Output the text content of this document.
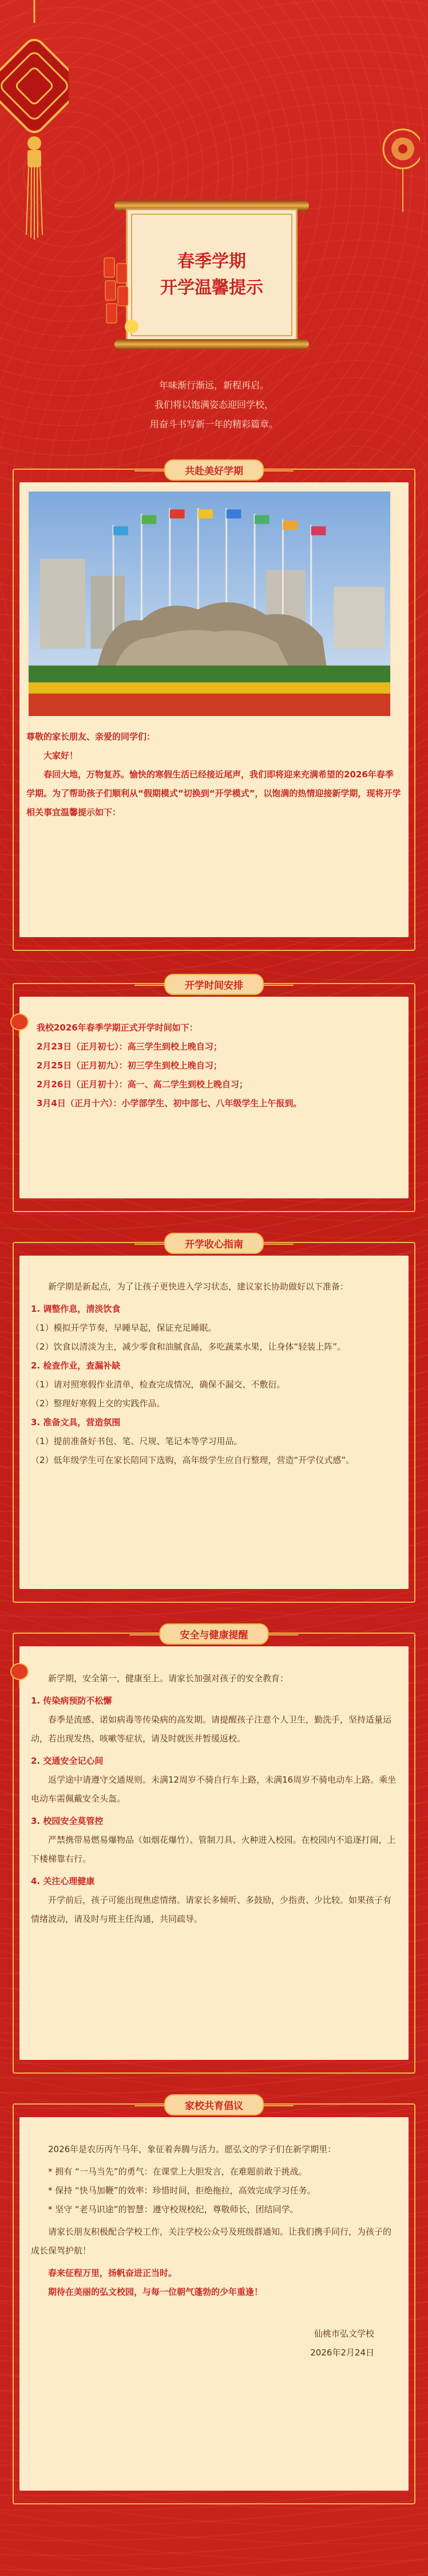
春季学期
开学温馨提示
年味渐行渐远，新程再启。
我们将以饱满姿态迎回学校，
用奋斗书写新一年的精彩篇章。
共赴美好学期
尊敬的家长朋友、亲爱的同学们：
大家好！
春回大地，万物复苏。愉快的寒假生活已经接近尾声，我们即将迎来充满希望的2026年春季学期。为了帮助孩子们顺利从“假期模式”切换到“开学模式”，以饱满的热情迎接新学期，现将开学相关事宜温馨提示如下：
开学时间安排
我校2026年春季学期正式开学时间如下：
2月23日（正月初七）：高三学生到校上晚自习；
2月25日（正月初九）：初三学生到校上晚自习；
2月26日（正月初十）：高一、高二学生到校上晚自习；
3月4日（正月十六）：小学部学生、初中部七、八年级学生上午报到。
开学收心指南
新学期是新起点，为了让孩子更快进入学习状态，建议家长协助做好以下准备：
1. 调整作息，清淡饮食
（1）模拟开学节奏，早睡早起，保证充足睡眠。
（2）饮食以清淡为主，减少零食和油腻食品，多吃蔬菜水果，让身体“轻装上阵”。
2. 检查作业，查漏补缺
（1）请对照寒假作业清单，检查完成情况，确保不漏交、不敷衍。
（2）整理好寒假上交的实践作品。
3. 准备文具，营造氛围
（1）提前准备好书包、笔、尺规、笔记本等学习用品。
（2）低年级学生可在家长陪同下选购，高年级学生应自行整理，营造“开学仪式感”。
安全与健康提醒
新学期，安全第一，健康至上。请家长加强对孩子的安全教育：
1. 传染病预防不松懈
春季是流感、诺如病毒等传染病的高发期。请提醒孩子注意个人卫生，勤洗手，坚持适量运动，若出现发热、咳嗽等症状，请及时就医并暂缓返校。
2. 交通安全记心间
返学途中请遵守交通规则。未满12周岁不骑自行车上路，未满16周岁不骑电动车上路。乘坐电动车需佩戴安全头盔。
3. 校园安全莫管控
严禁携带易燃易爆物品（如烟花爆竹）、管制刀具、火种进入校园。在校园内不追逐打闹，上下楼梯靠右行。
4. 关注心理健康
开学前后，孩子可能出现焦虑情绪。请家长多倾听、多鼓励，少指责、少比较。如果孩子有情绪波动，请及时与班主任沟通，共同疏导。
家校共育倡议
2026年是农历丙午马年，象征着奔腾与活力。愿弘文的学子们在新学期里：
* 拥有 “一马当先”的勇气：在课堂上大胆发言，在难题前敢于挑战。
* 保持 “快马加鞭”的效率：珍惜时间，拒绝拖拉，高效完成学习任务。
* 坚守 “老马识途”的智慧：遵守校规校纪，尊敬师长，团结同学。
请家长朋友积极配合学校工作，关注学校公众号及班级群通知。让我们携手同行，为孩子的成长保驾护航！
春来征程万里，扬帆奋进正当时。
期待在美丽的弘文校园，与每一位朝气蓬勃的少年重逢！
仙桃市弘文学校
2026年2月24日
